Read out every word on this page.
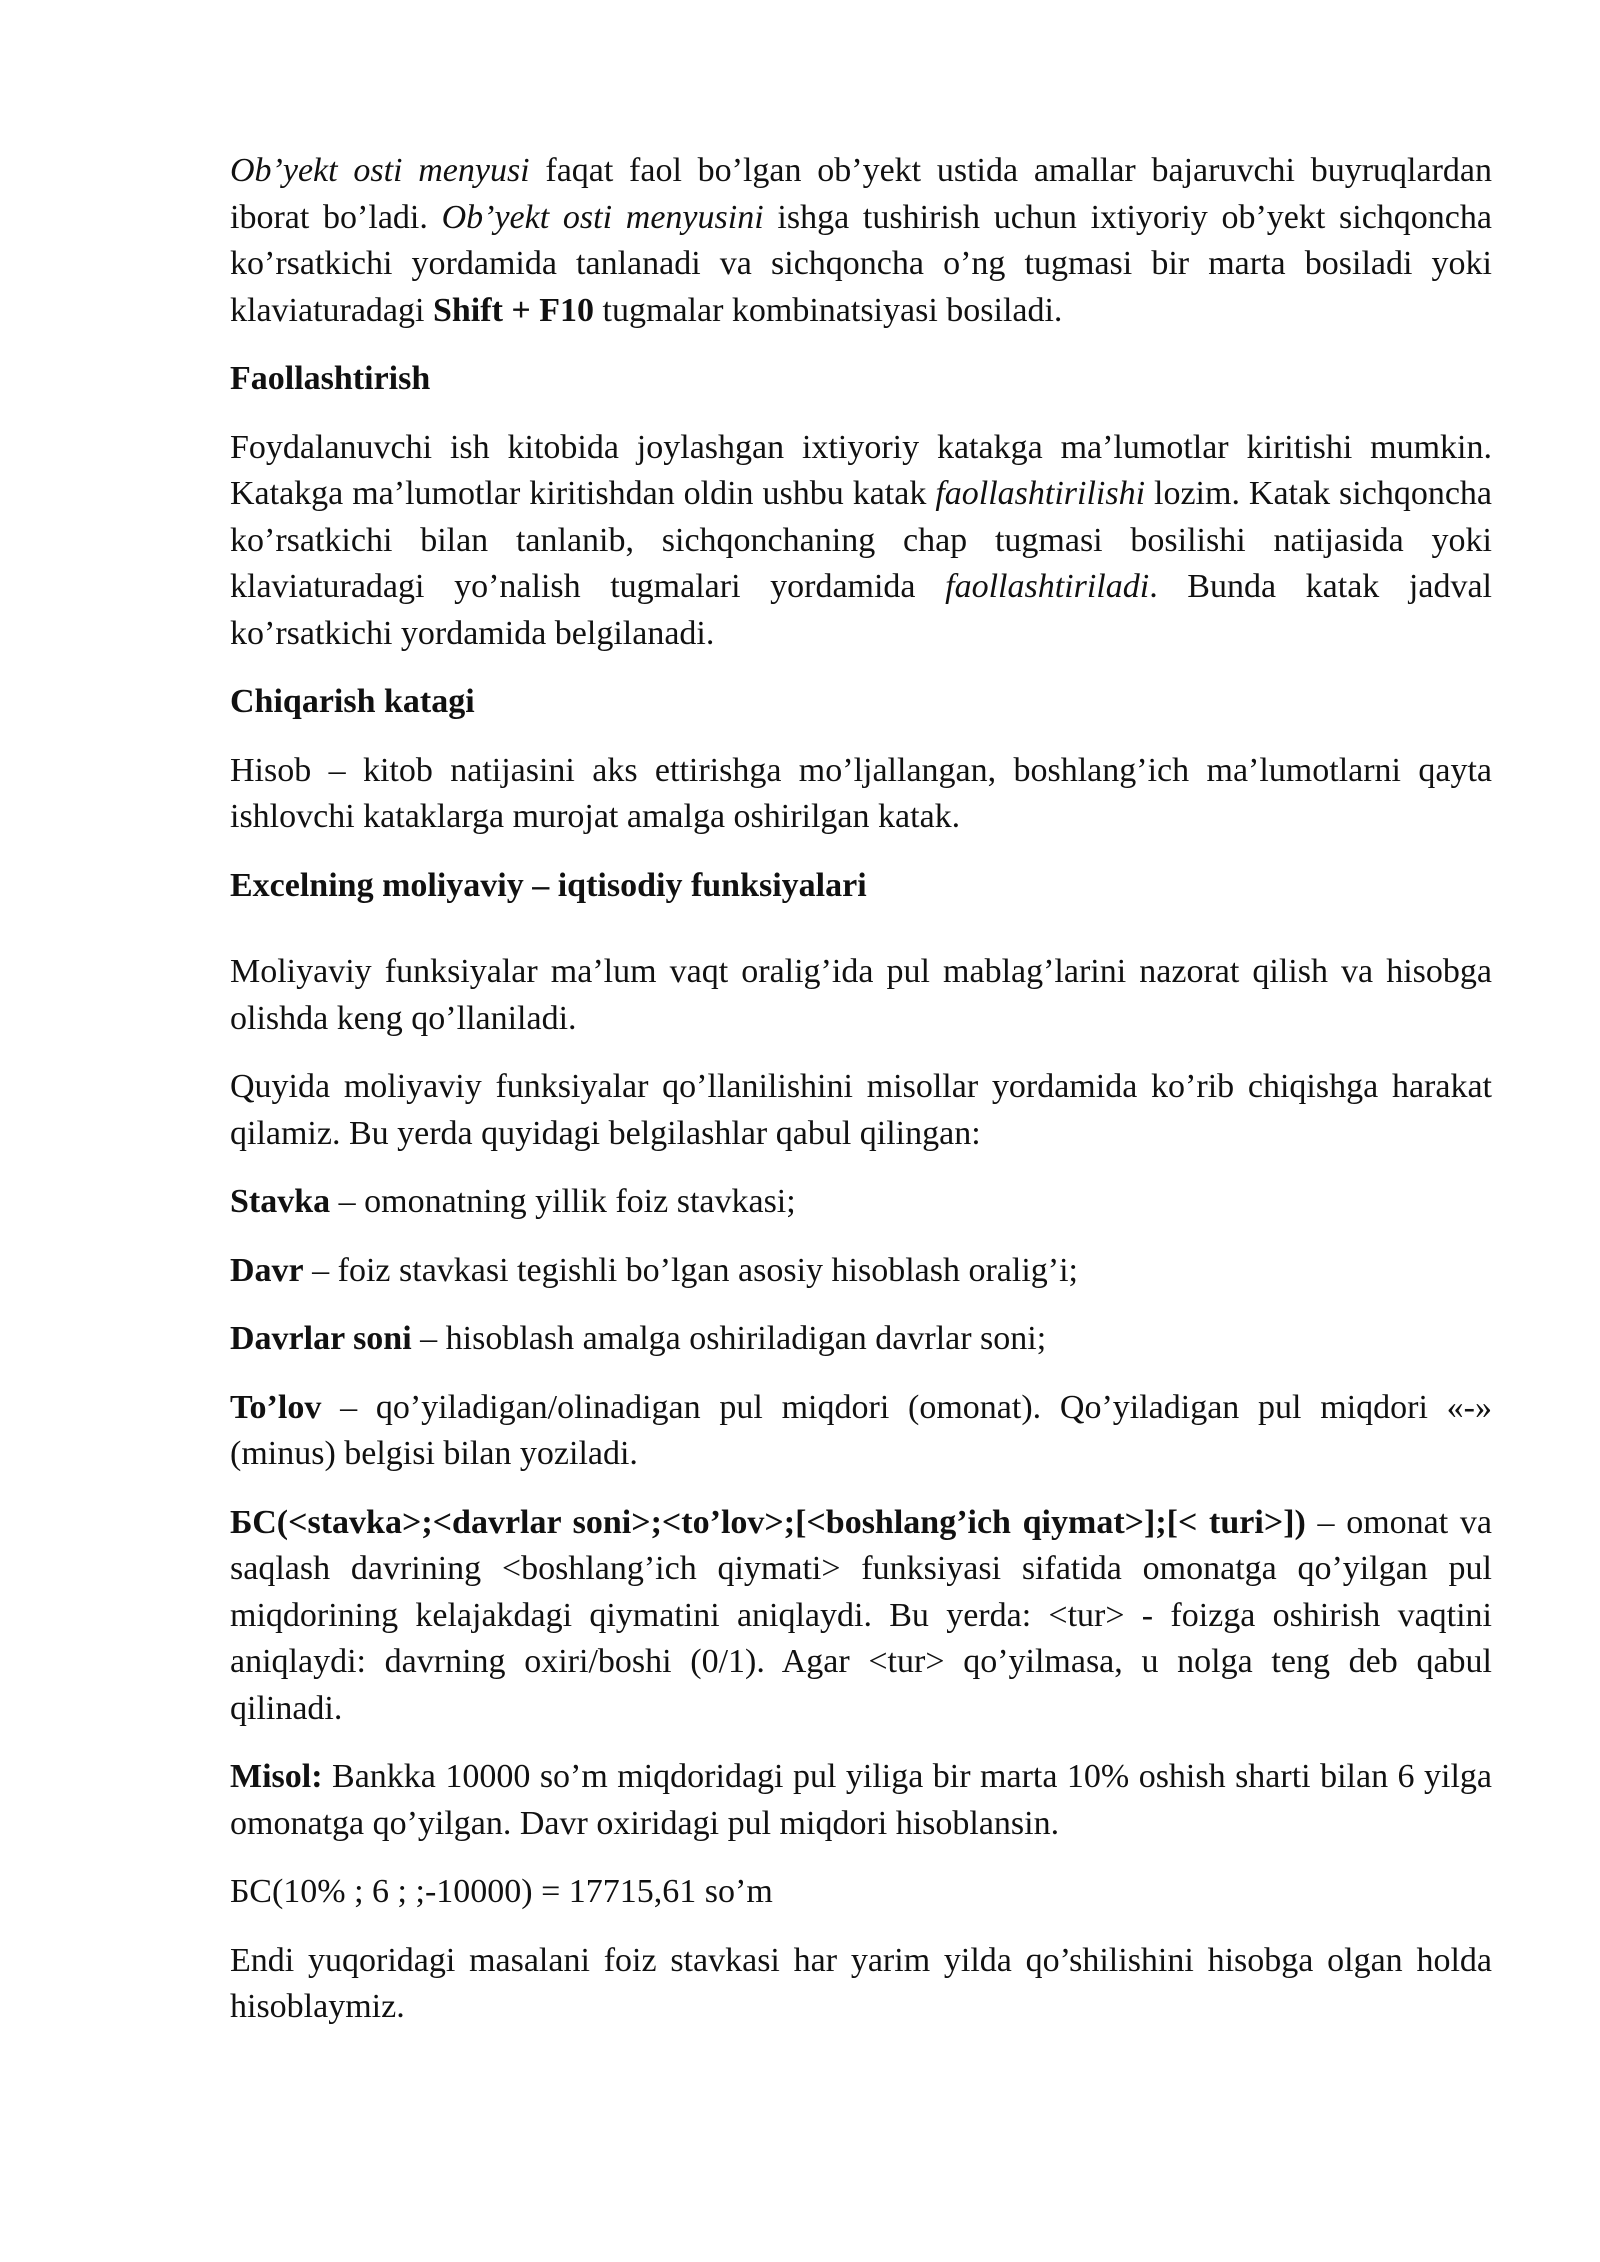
Ob’yekt osti menyusi faqat faol bo’lgan ob’yekt ustida amallar bajaruvchi buyruqlardan iborat bo’ladi. Ob’yekt osti menyusini ishga tushirish uchun ixtiyoriy ob’yekt sichqoncha ko’rsatkichi yordamida tanlanadi va sichqoncha o’ng tugmasi bir marta bosiladi yoki klaviaturadagi Shift + F10 tugmalar kombinatsiyasi bosiladi.

Faollashtirish

Foydalanuvchi ish kitobida joylashgan ixtiyoriy katakga ma’lumotlar kiritishi mumkin. Katakga ma’lumotlar kiritishdan oldin ushbu katak faollashtirilishi lozim. Katak sichqoncha ko’rsatkichi bilan tanlanib, sichqonchaning chap tugmasi bosilishi natijasida yoki klaviaturadagi yo’nalish tugmalari yordamida faollashtiriladi. Bunda katak jadval ko’rsatkichi yordamida belgilanadi.

Chiqarish katagi

Hisob – kitob natijasini aks ettirishga mo’ljallangan, boshlang’ich ma’lumotlarni qayta ishlovchi kataklarga murojat amalga oshirilgan katak.

Excelning moliyaviy – iqtisodiy funksiyalari

Moliyaviy funksiyalar ma’lum vaqt oralig’ida pul mablag’larini nazorat qilish va hisobga olishda keng qo’llaniladi.

Quyida moliyaviy funksiyalar qo’llanilishini misollar yordamida ko’rib chiqishga harakat qilamiz. Bu yerda quyidagi belgilashlar qabul qilingan:

Stavka – omonatning yillik foiz stavkasi;

Davr – foiz stavkasi tegishli bo’lgan asosiy hisoblash oralig’i;

Davrlar soni – hisoblash amalga oshiriladigan davrlar soni;

To’lov – qo’yiladigan/olinadigan pul miqdori (omonat). Qo’yiladigan pul miqdori «-» (minus) belgisi bilan yoziladi.

БС(<stavka>;<davrlar soni>;<to’lov>;[<boshlang’ich qiymat>];[< turi>]) – omonat va saqlash davrining <boshlang’ich qiymati> funksiyasi sifatida omonatga qo’yilgan pul miqdorining kelajakdagi qiymatini aniqlaydi. Bu yerda: <tur> - foizga oshirish vaqtini aniqlaydi: davrning oxiri/boshi (0/1). Agar <tur> qo’yilmasa, u nolga teng deb qabul qilinadi.

Misol: Bankka 10000 so’m miqdoridagi pul yiliga bir marta 10% oshish sharti bilan 6 yilga omonatga qo’yilgan. Davr oxiridagi pul miqdori hisoblansin.

БС(10% ; 6 ; ;-10000) = 17715,61 so’m

Endi yuqoridagi masalani foiz stavkasi har yarim yilda qo’shilishini hisobga olgan holda hisoblaymiz.
